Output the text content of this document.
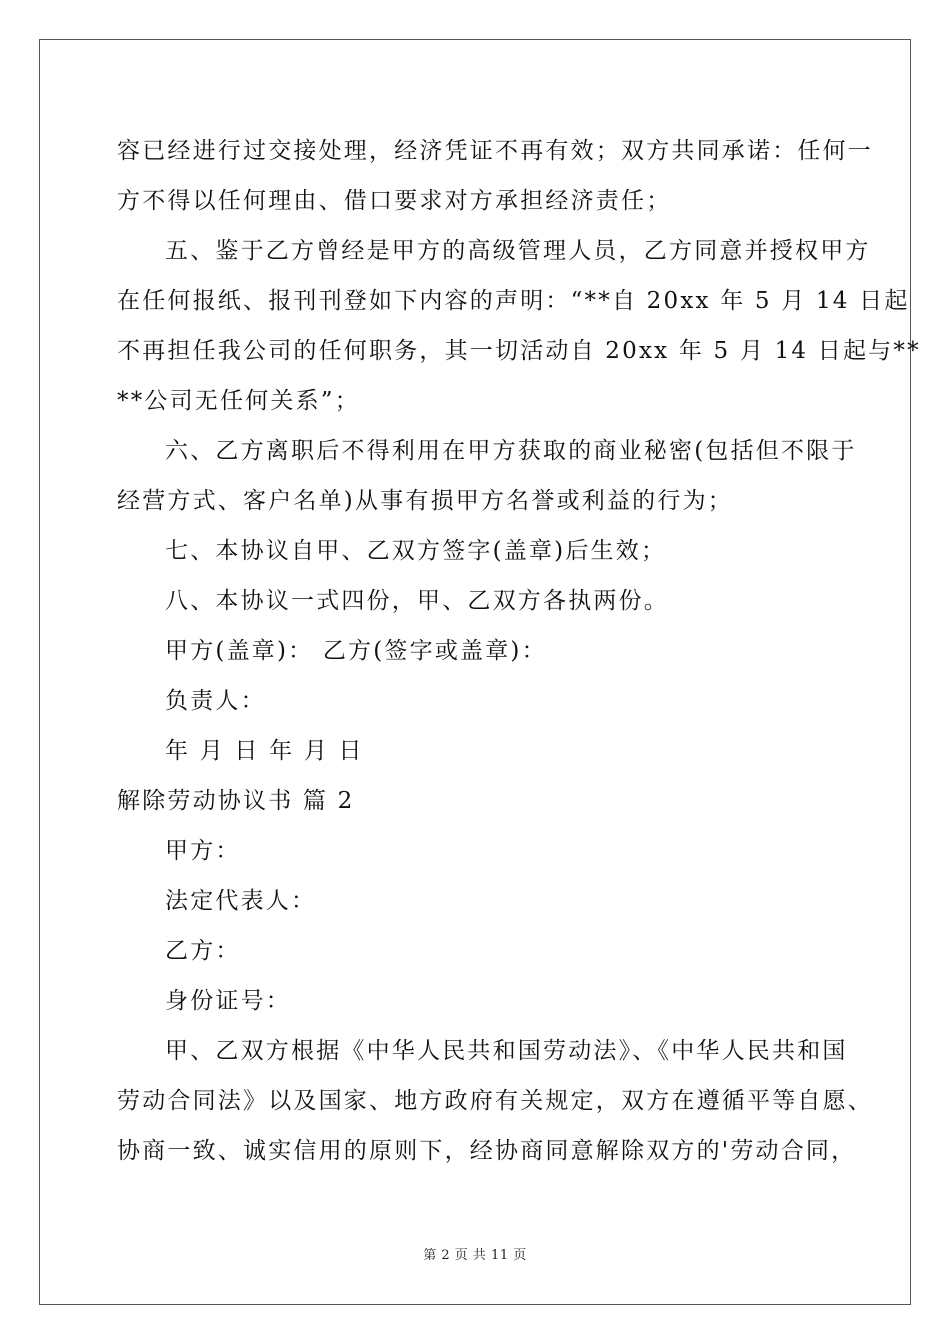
容已经进行过交接处理，经济凭证不再有效；双方共同承诺：任何一
方不得以任何理由、借口要求对方承担经济责任；
五、鉴于乙方曾经是甲方的高级管理人员，乙方同意并授权甲方
在任何报纸、报刊刊登如下内容的声明：“**自 20xx 年 5 月 14 日起
不再担任我公司的任何职务，其一切活动自 20xx 年 5 月 14 日起与**
**公司无任何关系”；
六、乙方离职后不得利用在甲方获取的商业秘密(包括但不限于
经营方式、客户名单)从事有损甲方名誉或利益的行为；
七、本协议自甲、乙双方签字(盖章)后生效；
八、本协议一式四份，甲、乙双方各执两份。
甲方(盖章)： 乙方(签字或盖章)：
负责人：
年 月 日 年 月 日
解除劳动协议书 篇 2
甲方：
法定代表人：
乙方：
身份证号：
甲、乙双方根据《中华人民共和国劳动法》、《中华人民共和国
劳动合同法》以及国家、地方政府有关规定，双方在遵循平等自愿、
协商一致、诚实信用的原则下，经协商同意解除双方的'劳动合同，
第 2 页 共 11 页
